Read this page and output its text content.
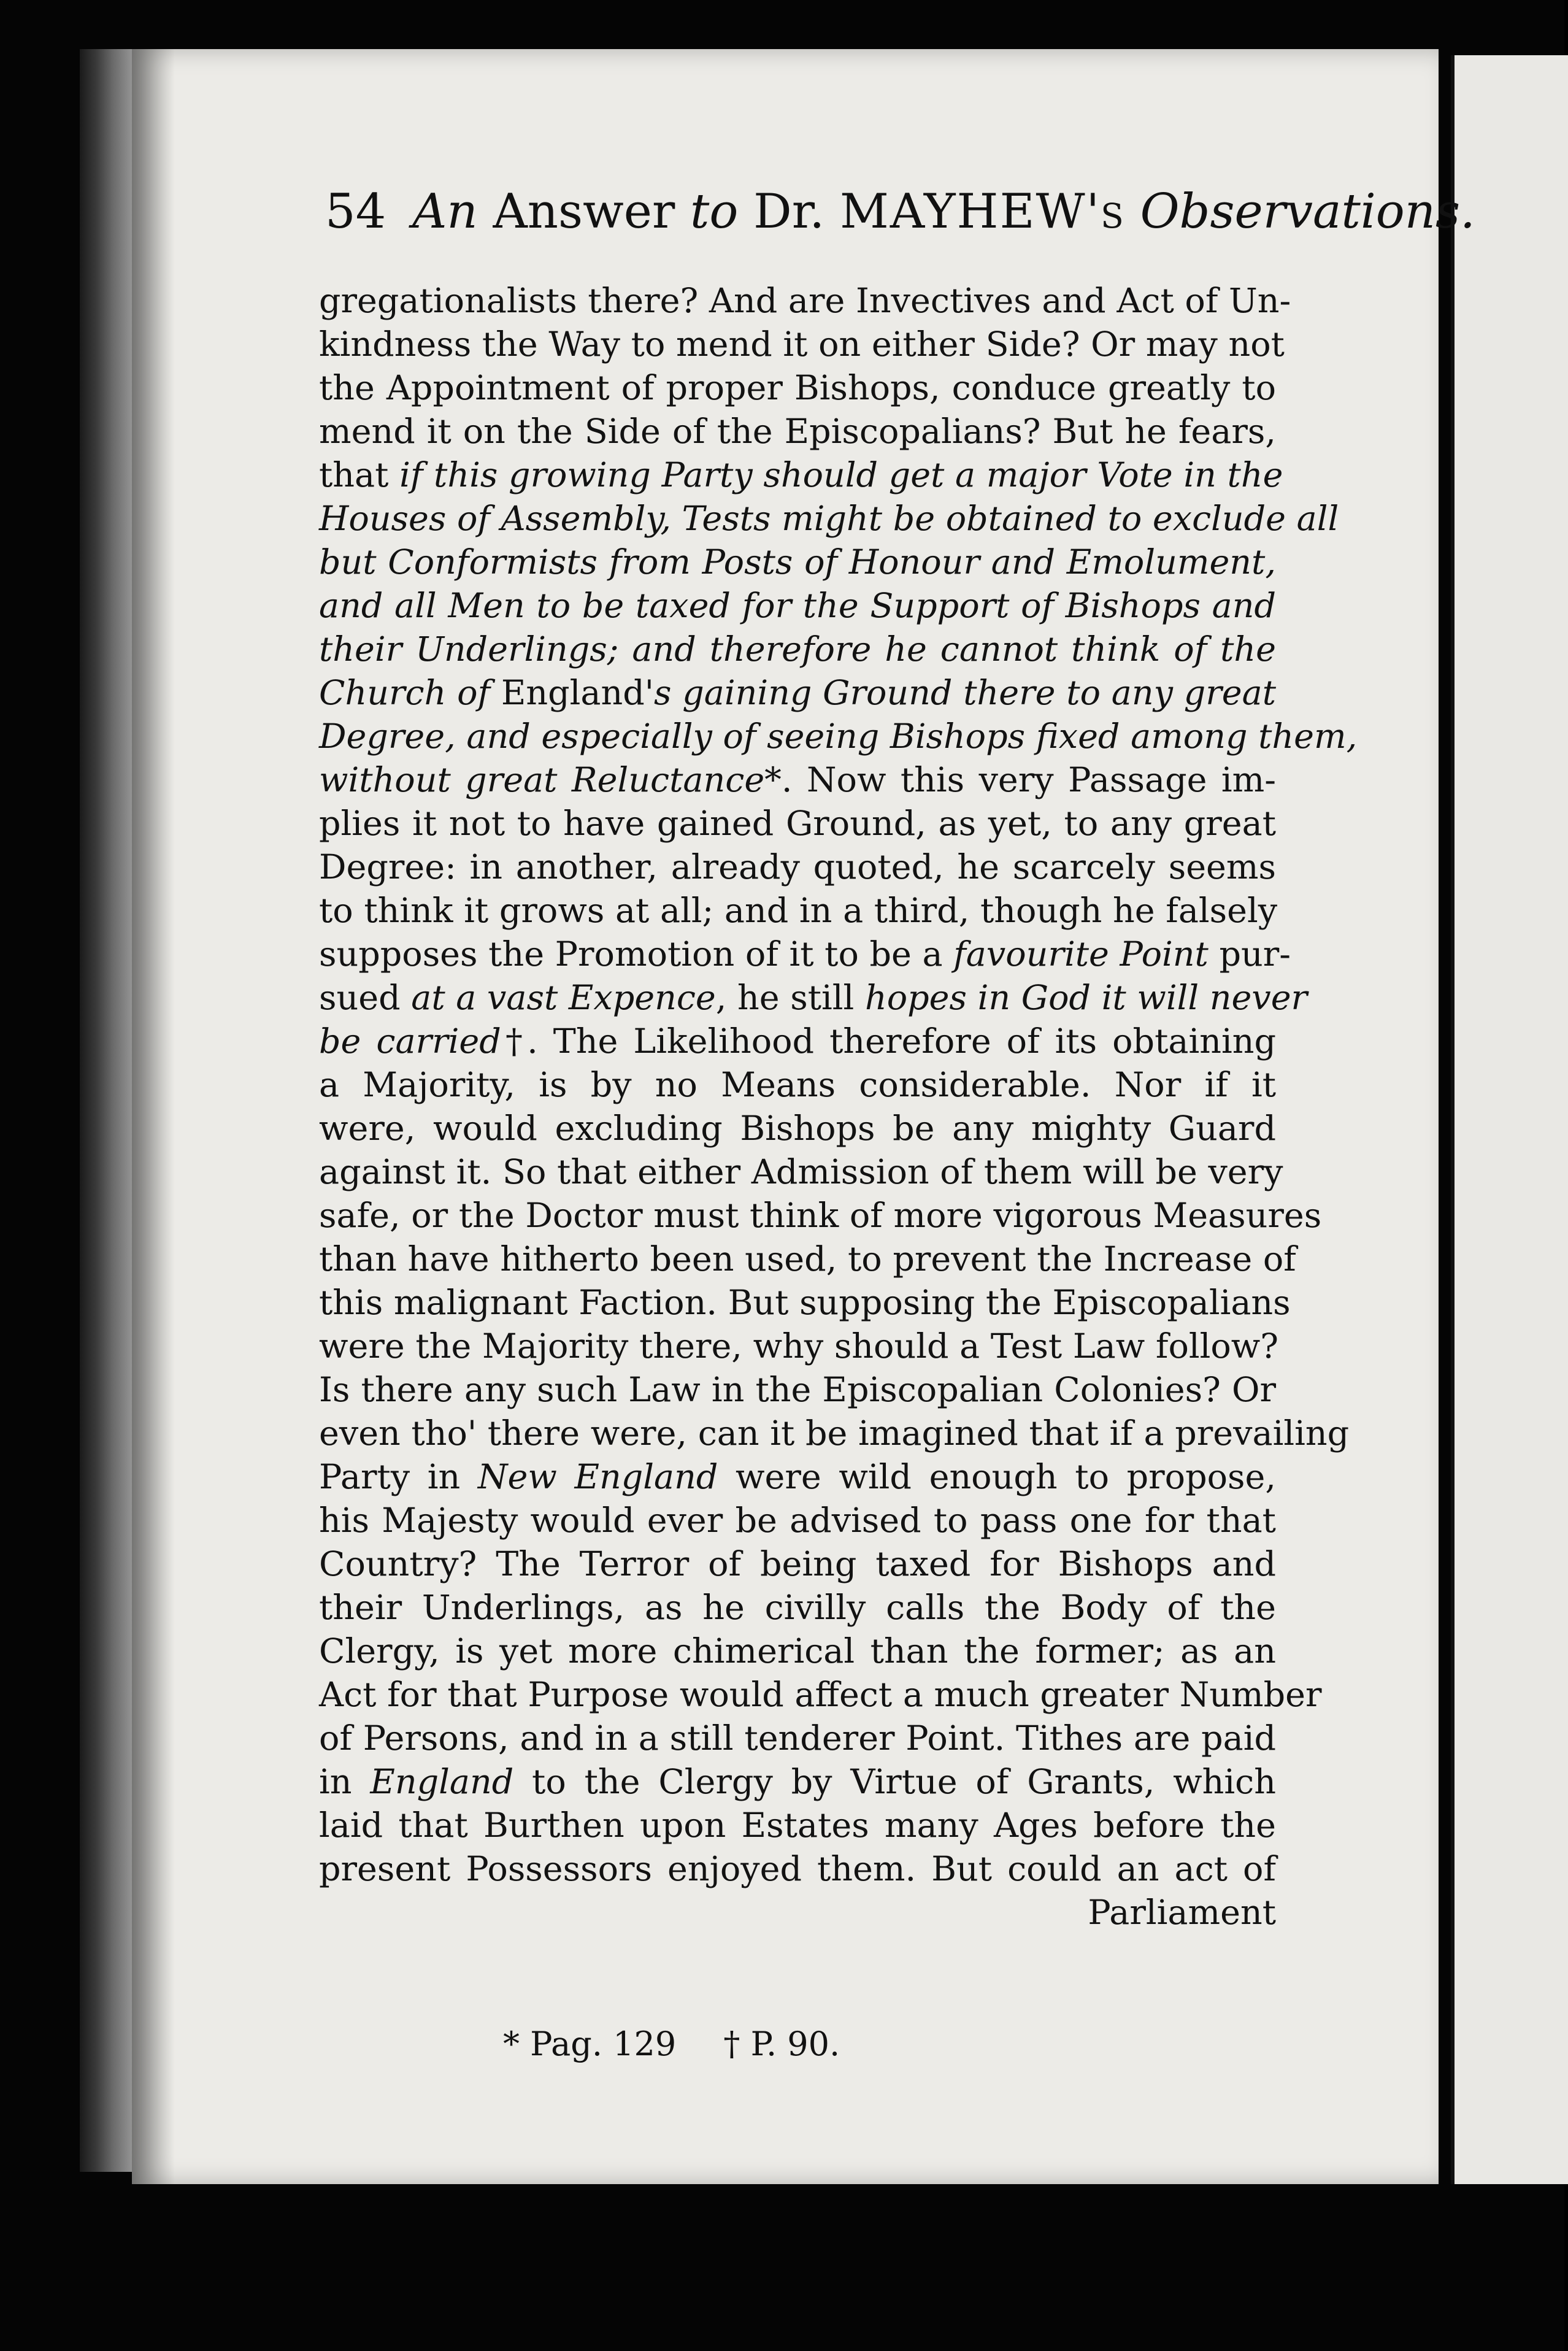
54 An Answer to Dr. MAYHEW's Observations.
gregationalists there? And are Invectives and Act of Un-
kindness the Way to mend it on either Side? Or may not
the Appointment of proper Bishops, conduce greatly to
mend it on the Side of the Episcopalians? But he fears,
that if this growing Party should get a major Vote in the
Houses of Assembly, Tests might be obtained to exclude all
but Conformists from Posts of Honour and Emolument,
and all Men to be taxed for the Support of Bishops and
their Underlings; and therefore he cannot think of the
Church of England's gaining Ground there to any great
Degree, and especially of seeing Bishops fixed among them,
without great Reluctance*. Now this very Passage im-
plies it not to have gained Ground, as yet, to any great
Degree: in another, already quoted, he scarcely seems
to think it grows at all; and in a third, though he falsely
supposes the Promotion of it to be a favourite Point pur-
sued at a vast Expence, he still hopes in God it will never
be carried†. The Likelihood therefore of its obtaining
a Majority, is by no Means considerable. Nor if it
were, would excluding Bishops be any mighty Guard
against it. So that either Admission of them will be very
safe, or the Doctor must think of more vigorous Measures
than have hitherto been used, to prevent the Increase of
this malignant Faction. But supposing the Episcopalians
were the Majority there, why should a Test Law follow?
Is there any such Law in the Episcopalian Colonies? Or
even tho' there were, can it be imagined that if a prevailing
Party in New England were wild enough to propose,
his Majesty would ever be advised to pass one for that
Country? The Terror of being taxed for Bishops and
their Underlings, as he civilly calls the Body of the
Clergy, is yet more chimerical than the former; as an
Act for that Purpose would affect a much greater Number
of Persons, and in a still tenderer Point. Tithes are paid
in England to the Clergy by Virtue of Grants, which
laid that Burthen upon Estates many Ages before the
present Possessors enjoyed them. But could an act of
Parliament
* Pag. 129 † P. 90.
